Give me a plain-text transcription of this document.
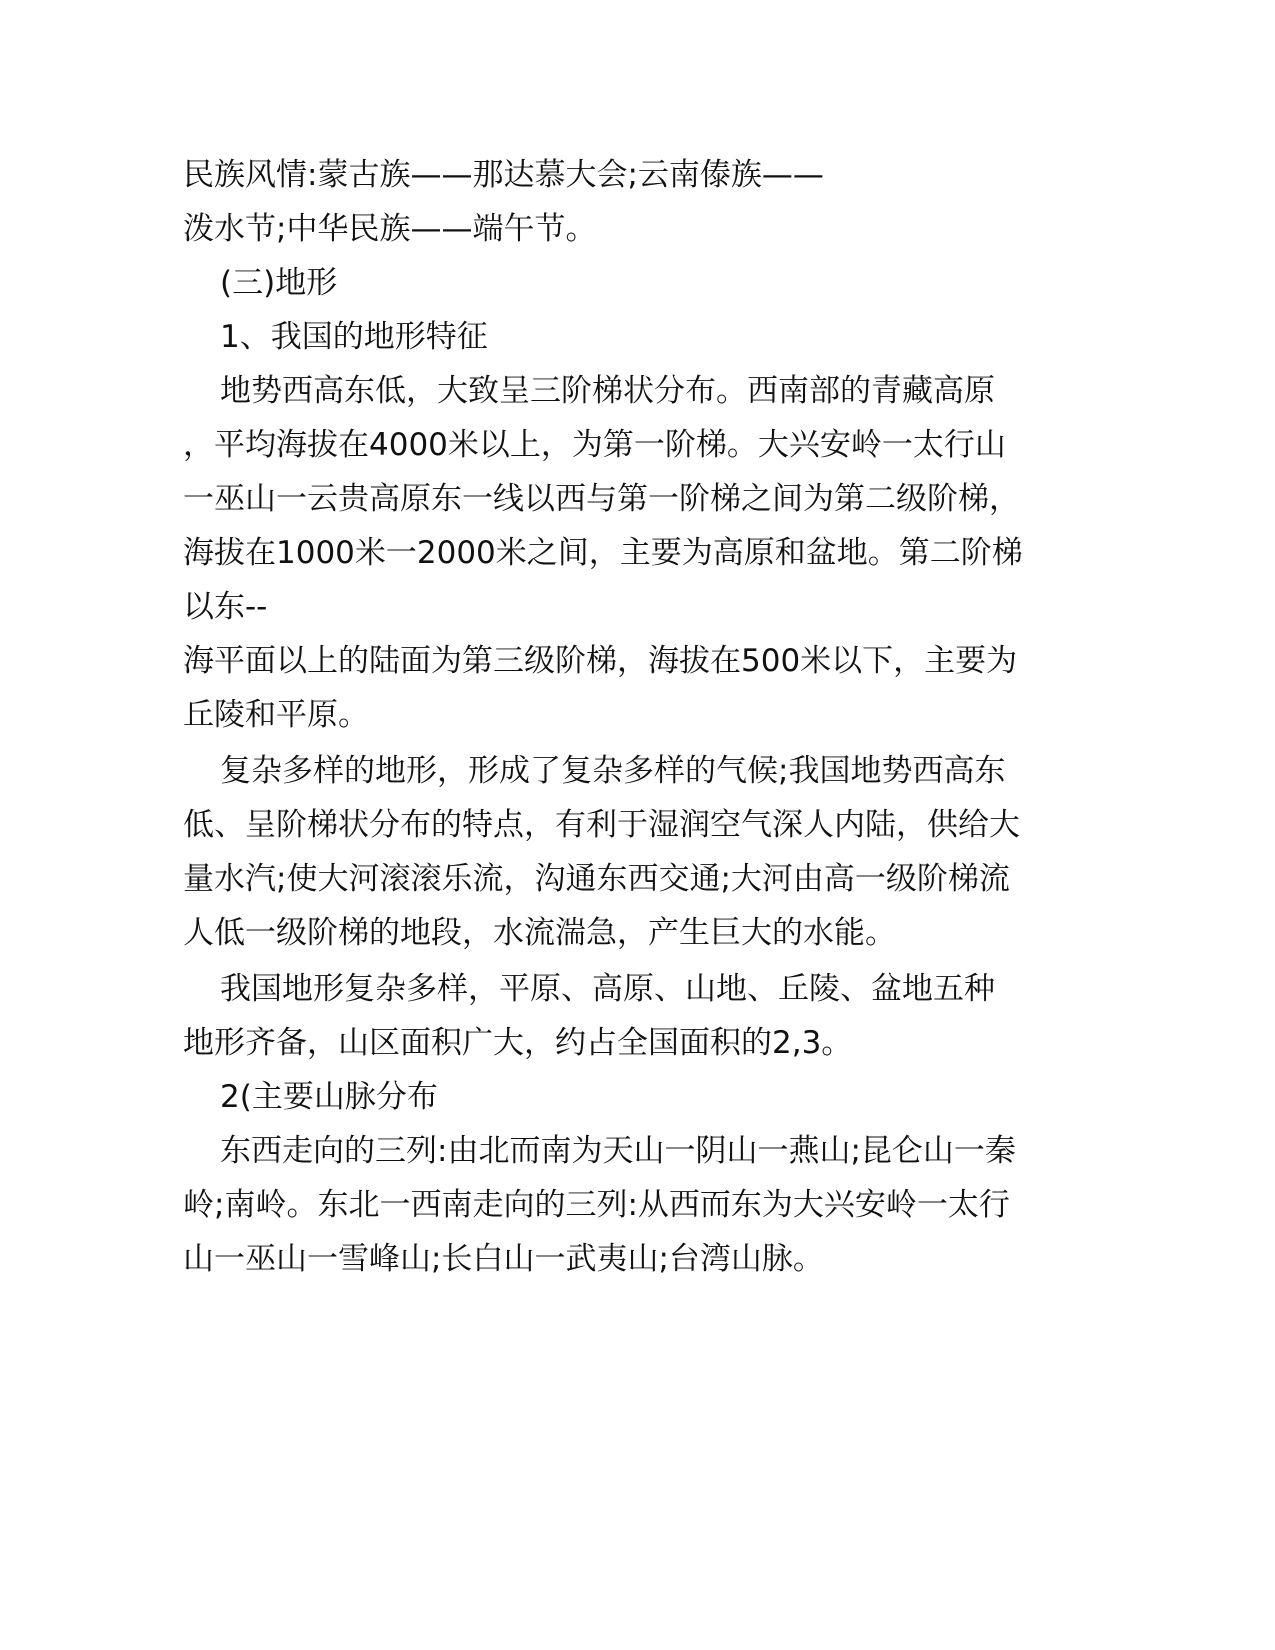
民族风情:蒙古族——那达慕大会;云南傣族——
泼水节;中华民族——端午节。
(三)地形
1、我国的地形特征
地势西高东低，大致呈三阶梯状分布。西南部的青藏高原
，平均海拔在4000米以上，为第一阶梯。大兴安岭一太行山
一巫山一云贵高原东一线以西与第一阶梯之间为第二级阶梯，
海拔在1000米一2000米之间，主要为高原和盆地。第二阶梯
以东--
海平面以上的陆面为第三级阶梯，海拔在500米以下，主要为
丘陵和平原。
复杂多样的地形，形成了复杂多样的气候;我国地势西高东
低、呈阶梯状分布的特点，有利于湿润空气深人内陆，供给大
量水汽;使大河滚滚乐流，沟通东西交通;大河由高一级阶梯流
人低一级阶梯的地段，水流湍急，产生巨大的水能。
我国地形复杂多样，平原、高原、山地、丘陵、盆地五种
地形齐备，山区面积广大，约占全国面积的2,3。
2(主要山脉分布
东西走向的三列:由北而南为天山一阴山一燕山;昆仑山一秦
岭;南岭。东北一西南走向的三列:从西而东为大兴安岭一太行
山一巫山一雪峰山;长白山一武夷山;台湾山脉。
